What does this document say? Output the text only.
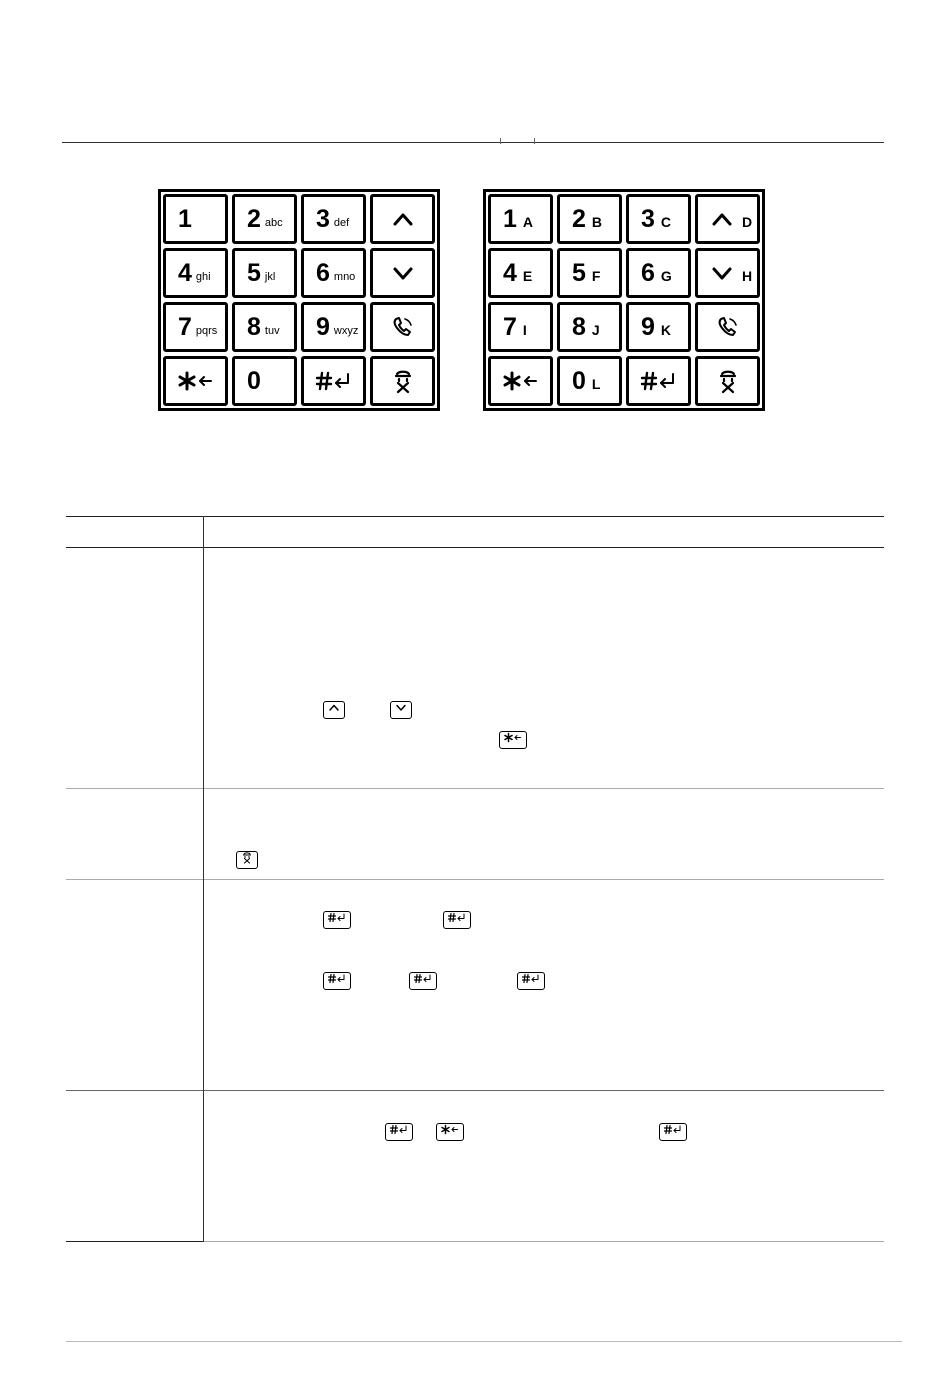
1 2 abc 3 def
4 ghi 5 jkl 6 mno
7 pqrs 8 tuv 9 wxyz
0
1 A 2 B 3 C	D
4 E 5 F 6 G	H
7 I 8 J 9 K
0 L
